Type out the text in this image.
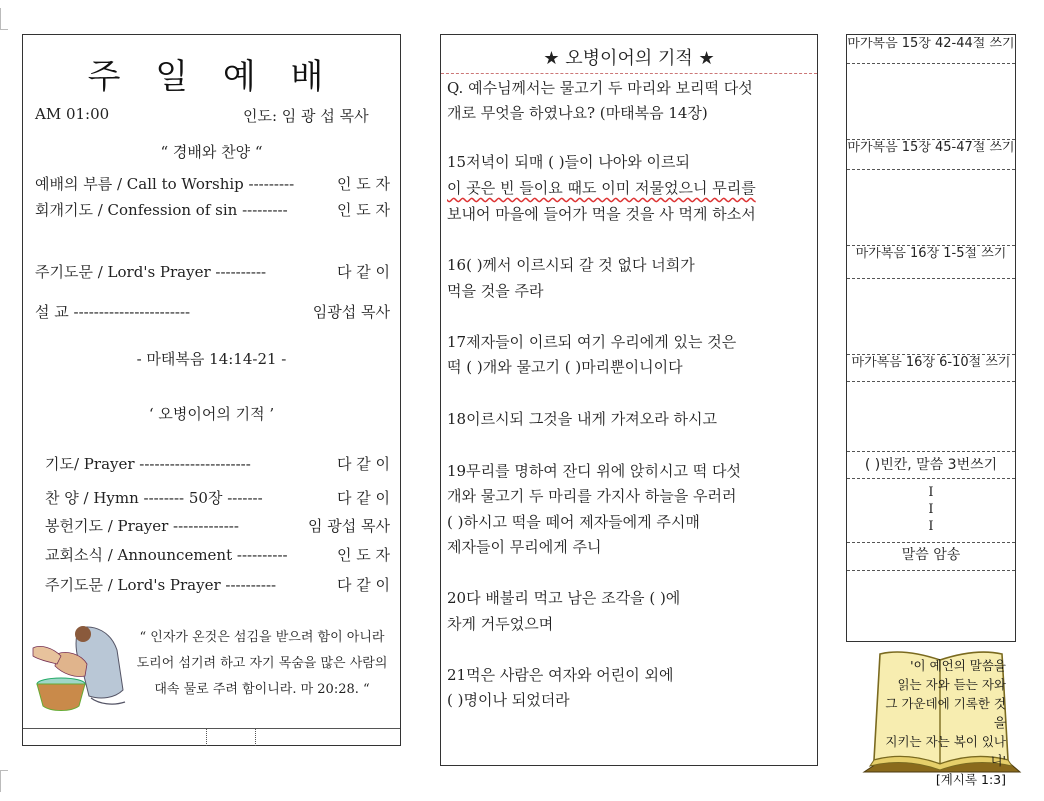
주 일 예 배
AM 01:00	인도: 임 광 섭 목사
“ 경배와 찬양 “
예배의 부름 / Call to Worship ---------	인 도 자
회개기도 / Confession of sin ---------	인 도 자
주기도문 / Lord's Prayer ----------	다 같 이
설 교 -----------------------	임광섭 목사
- 마태복음 14:14-21 -
‘ 오병이어의 기적 ’
기도/ Prayer ----------------------	다 같 이
찬 양 / Hymn -------- 50장 -------	다 같 이
봉헌기도 / Prayer -------------	임 광섭 목사
교회소식 / Announcement ----------	인 도 자
주기도문 / Lord's Prayer ----------	다 같 이
“ 인자가 온것은 섬김을 받으려 함이 아니라
도리어 섬기려 하고 자기 목숨을 많은 사람의
대속 물로 주려 함이니라. 마 20:28. “
★ 오병이어의 기적 ★
Q. 예수님께서는 물고기 두 마리와 보리떡 다섯
개로 무엇을 하였나요? (마태복음 14장)
15저녁이 되매 ( )들이 나아와 이르되
이 곳은 빈 들이요 때도 이미 저물었으니 무리를
보내어 마을에 들어가 먹을 것을 사 먹게 하소서
16( )께서 이르시되 갈 것 없다 너희가
먹을 것을 주라
17제자들이 이르되 여기 우리에게 있는 것은
떡 ( )개와 물고기 ( )마리뿐이니이다
18이르시되 그것을 내게 가져오라 하시고
19무리를 명하여 잔디 위에 앉히시고 떡 다섯
개와 물고기 두 마리를 가지사 하늘을 우러러
( )하시고 떡을 떼어 제자들에게 주시매
제자들이 무리에게 주니
20다 배불리 먹고 남은 조각을 ( )에
차게 거두었으며
21먹은 사람은 여자와 어린이 외에
( )명이나 되었더라
마가복음 15장 42-44절 쓰기
마가복음 15장 45-47절 쓰기
마가복음 16장 1-5절 쓰기
마가복음 16장 6-10절 쓰기
( )빈칸, 말씀 3번쓰기
I
I
I
말씀 암송
'이 예언의 말씀을
읽는 자와 듣는 자와
그 가운데에 기록한 것을
지키는 자는 복이 있나니'
[계시록 1:3]
